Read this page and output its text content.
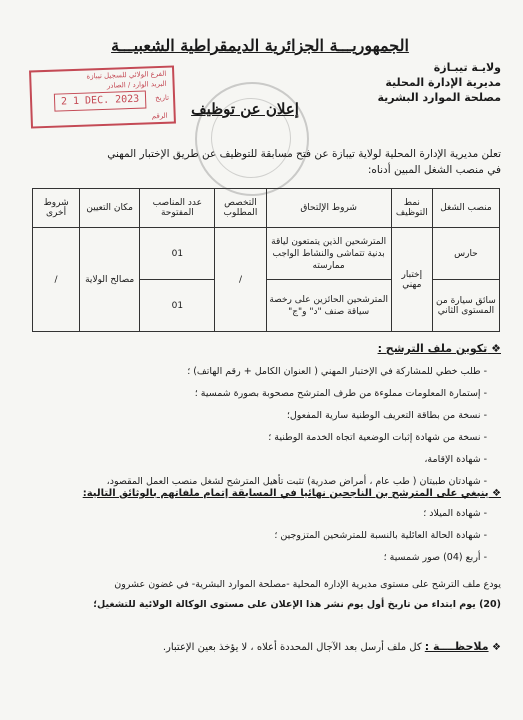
الجمهوريـــة الجزائرية الديمقراطية الشعبيـــة
ولايـة تيبـازة
مديرية الإدارة المحلية
مصلحة الموارد البشرية
الفرع الولائي للسجيل تيبازة
البريد الوارد / الصادر
تاريخ
2 1 DEC. 2023
الرقم	إعلان عن توظيف
تعلن مديرية الإدارة المحلية لولاية تيبازة عن فتح مسابقة للتوظيف عن طريق الإختبار المهني
في منصب الشغل المبين أدناه:
منصب الشغل	نمط التوظيف	شروط الإلتحاق	التخصص المطلوب	عدد المناصب المفتوحة	مكان التعيين	شروط أخرى
حارس	إختبار مهني	المترشحين الذين يتمتعون لياقة بدنية تتماشى والنشاط الواجب ممارسته	/	01	مصالح الولاية	/
سائق سيارة من المستوى الثاني		المترشحين الحائزين على رخصة سياقة صنف "د" و"ج"		01		
❖ تكوين ملف الترشح :
- طلب خطي للمشاركة في الإختبار المهني ( العنوان الكامل + رقم الهاتف) ؛
- إستمارة المعلومات مملوءة من طرف المترشح مصحوبة بصورة شمسية ؛
- نسخة من بطاقة التعريف الوطنية سارية المفعول؛
- نسخة من شهادة إثبات الوضعية اتجاه الخدمة الوطنية ؛
- شهادة الإقامة،
- شهادتان طبيتان ( طب عام ، أمراض صدرية) تثبت تأهيل المترشح لشغل منصب العمل المقصود،
❖ ينبغي على المترشح بن الناجحين نهائيا في المسابقة إتمام ملفاتهم بالوثائق التالية:
- شهادة الميلاد ؛
- شهادة الحالة العائلية بالنسبة للمترشحين المتزوجين ؛
- أربع (04) صور شمسية ؛
يودع ملف الترشح على مستوى مديرية الإدارة المحلية -مصلحة الموارد البشرية- في غضون عشرون
(20) يوم ابتداء من تاريخ أول يوم نشر هذا الإعلان على مستوى الوكالة الولائية للتشغيل؛
❖ ملاحظــــة : كل ملف أرسل بعد الآجال المحددة أعلاه ، لا يؤخذ بعين الإعتبار.
